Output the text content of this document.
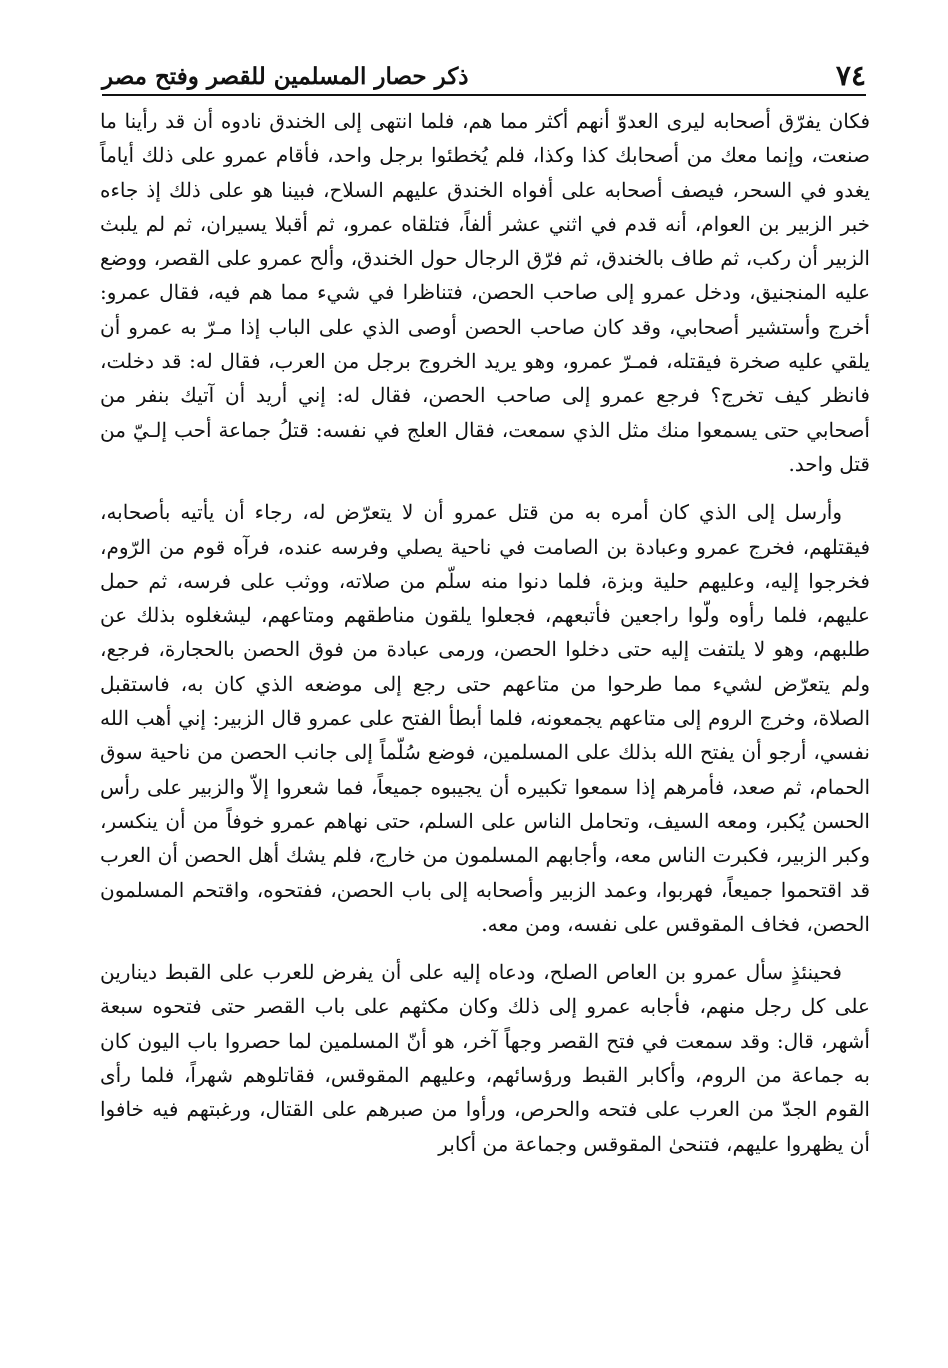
٧٤
ذكر حصار المسلمين للقصر وفتح مصر

فكان يفرّق أصحابه ليرى العدوّ أنهم أكثر مما هم، فلما انتهى إلى الخندق نادوه أن قد رأينا ما صنعت، وإنما معك من أصحابك كذا وكذا، فلم يُخطئوا برجل واحد، فأقام عمرو على ذلك أياماً يغدو في السحر، فيصف أصحابه على أفواه الخندق عليهم السلاح، فبينا هو على ذلك إذ جاءه خبر الزبير بن العوام، أنه قدم في اثني عشر ألفاً، فتلقاه عمرو، ثم أقبلا يسيران، ثم لم يلبث الزبير أن ركب، ثم طاف بالخندق، ثم فرّق الرجال حول الخندق، وألح عمرو على القصر، ووضع عليه المنجنيق، ودخل عمرو إلى صاحب الحصن، فتناظرا في شيء مما هم فيه، فقال عمرو: أخرج وأستشير أصحابي، وقد كان صاحب الحصن أوصى الذي على الباب إذا مـرّ به عمرو أن يلقي عليه صخرة فيقتله، فمـرّ عمرو، وهو يريد الخروج برجل من العرب، فقال له: قد دخلت، فانظر كيف تخرج؟ فرجع عمرو إلى صاحب الحصن، فقال له: إني أريد أن آتيك بنفر من أصحابي حتى يسمعوا منك مثل الذي سمعت، فقال العلج في نفسه: قتلُ جماعة أحب إلـيّ من قتل واحد.

وأرسل إلى الذي كان أمره به من قتل عمرو أن لا يتعرّض له، رجاء أن يأتيه بأصحابه، فيقتلهم، فخرج عمرو وعبادة بن الصامت في ناحية يصلي وفرسه عنده، فرآه قوم من الرّوم، فخرجوا إليه، وعليهم حلية وبزة، فلما دنوا منه سلّم من صلاته، ووثب على فرسه، ثم حمل عليهم، فلما رأوه ولّوا راجعين فأتبعهم، فجعلوا يلقون مناطقهم ومتاعهم، ليشغلوه بذلك عن طلبهم، وهو لا يلتفت إليه حتى دخلوا الحصن، ورمى عبادة من فوق الحصن بالحجارة، فرجع، ولم يتعرّض لشيء مما طرحوا من متاعهم حتى رجع إلى موضعه الذي كان به، فاستقبل الصلاة، وخرج الروم إلى متاعهم يجمعونه، فلما أبطأ الفتح على عمرو قال الزبير: إني أهب الله نفسي، أرجو أن يفتح الله بذلك على المسلمين، فوضع سُلّماً إلى جانب الحصن من ناحية سوق الحمام، ثم صعد، فأمرهم إذا سمعوا تكبيره أن يجيبوه جميعاً، فما شعروا إلاّ والزبير على رأس الحسن يُكبر، ومعه السيف، وتحامل الناس على السلم، حتى نهاهم عمرو خوفاً من أن ينكسر، وكبر الزبير، فكبرت الناس معه، وأجابهم المسلمون من خارج، فلم يشك أهل الحصن أن العرب قد اقتحموا جميعاً، فهربوا، وعمد الزبير وأصحابه إلى باب الحصن، ففتحوه، واقتحم المسلمون الحصن، فخاف المقوقس على نفسه، ومن معه.

فحينئذٍ سأل عمرو بن العاص الصلح، ودعاه إليه على أن يفرض للعرب على القبط دينارين على كل رجل منهم، فأجابه عمرو إلى ذلك وكان مكثهم على باب القصر حتى فتحوه سبعة أشهر، قال: وقد سمعت في فتح القصر وجهاً آخر، هو أنّ المسلمين لما حصروا باب اليون كان به جماعة من الروم، وأكابر القبط ورؤسائهم، وعليهم المقوقس، فقاتلوهم شهراً، فلما رأى القوم الجدّ من العرب على فتحه والحرص، ورأوا من صبرهم على القتال، ورغبتهم فيه خافوا أن يظهروا عليهم، فتنحىٰ المقوقس وجماعة من أكابر
